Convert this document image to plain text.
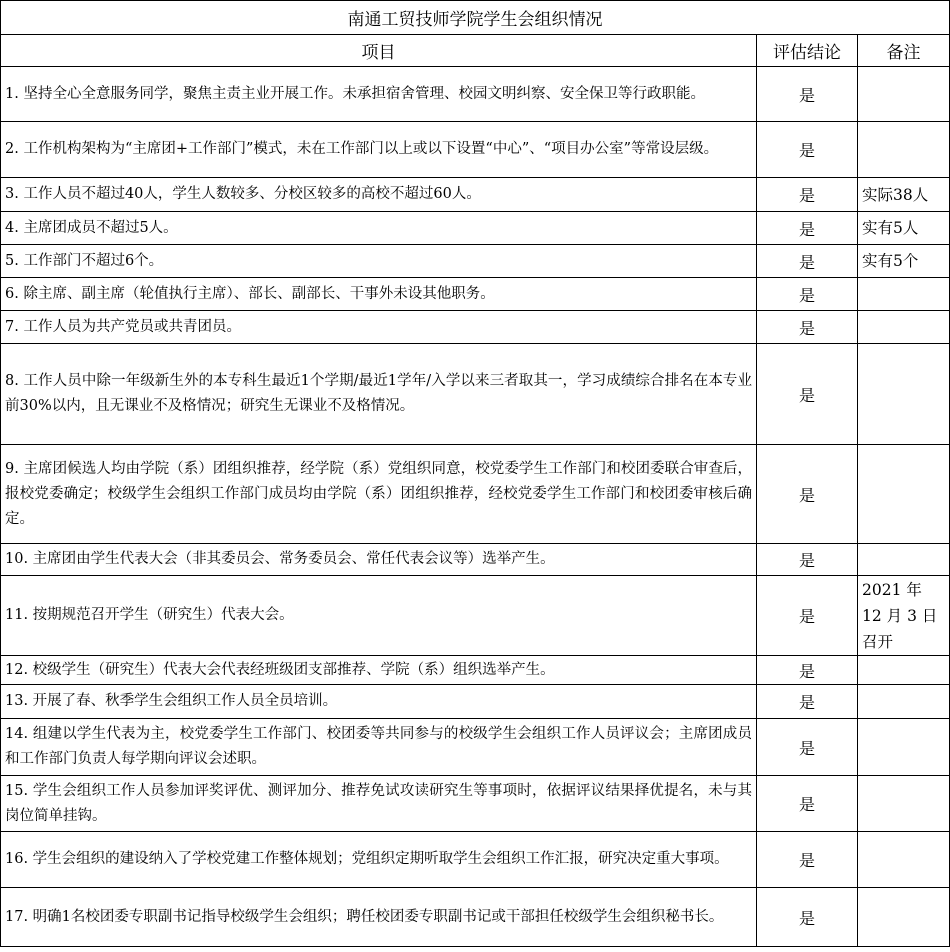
南通工贸技师学院学生会组织情况		
项目	评估结论	备注
1. 坚持全心全意服务同学，聚焦主责主业开展工作。未承担宿舍管理、校园文明纠察、安全保卫等行政职能。	是	
2. 工作机构架构为“主席团+工作部门”模式，未在工作部门以上或以下设置“中心”、“项目办公室”等常设层级。	是	
3. 工作人员不超过40人，学生人数较多、分校区较多的高校不超过60人。	是	实际38人
4. 主席团成员不超过5人。	是	实有5人
5. 工作部门不超过6个。	是	实有5个
6. 除主席、副主席（轮值执行主席）、部长、副部长、干事外未设其他职务。	是	
7. 工作人员为共产党员或共青团员。	是	
8. 工作人员中除一年级新生外的本专科生最近1个学期/最近1学年/入学以来三者取其一，学习成绩综合排名在本专业前30%以内，且无课业不及格情况；研究生无课业不及格情况。	是	
9. 主席团候选人均由学院（系）团组织推荐，经学院（系）党组织同意，校党委学生工作部门和校团委联合审查后，报校党委确定；校级学生会组织工作部门成员均由学院（系）团组织推荐，经校党委学生工作部门和校团委审核后确定。	是	
10. 主席团由学生代表大会（非其委员会、常务委员会、常任代表会议等）选举产生。	是	
11. 按期规范召开学生（研究生）代表大会。	是	2021 年 12 月 3 日 召开
12. 校级学生（研究生）代表大会代表经班级团支部推荐、学院（系）组织选举产生。	是	
13. 开展了春、秋季学生会组织工作人员全员培训。	是	
14. 组建以学生代表为主，校党委学生工作部门、校团委等共同参与的校级学生会组织工作人员评议会；主席团成员和工作部门负责人每学期向评议会述职。	是	
15. 学生会组织工作人员参加评奖评优、测评加分、推荐免试攻读研究生等事项时，依据评议结果择优提名，未与其岗位简单挂钩。	是	
16. 学生会组织的建设纳入了学校党建工作整体规划；党组织定期听取学生会组织工作汇报，研究决定重大事项。	是	
17. 明确1名校团委专职副书记指导校级学生会组织；聘任校团委专职副书记或干部担任校级学生会组织秘书长。	是	
